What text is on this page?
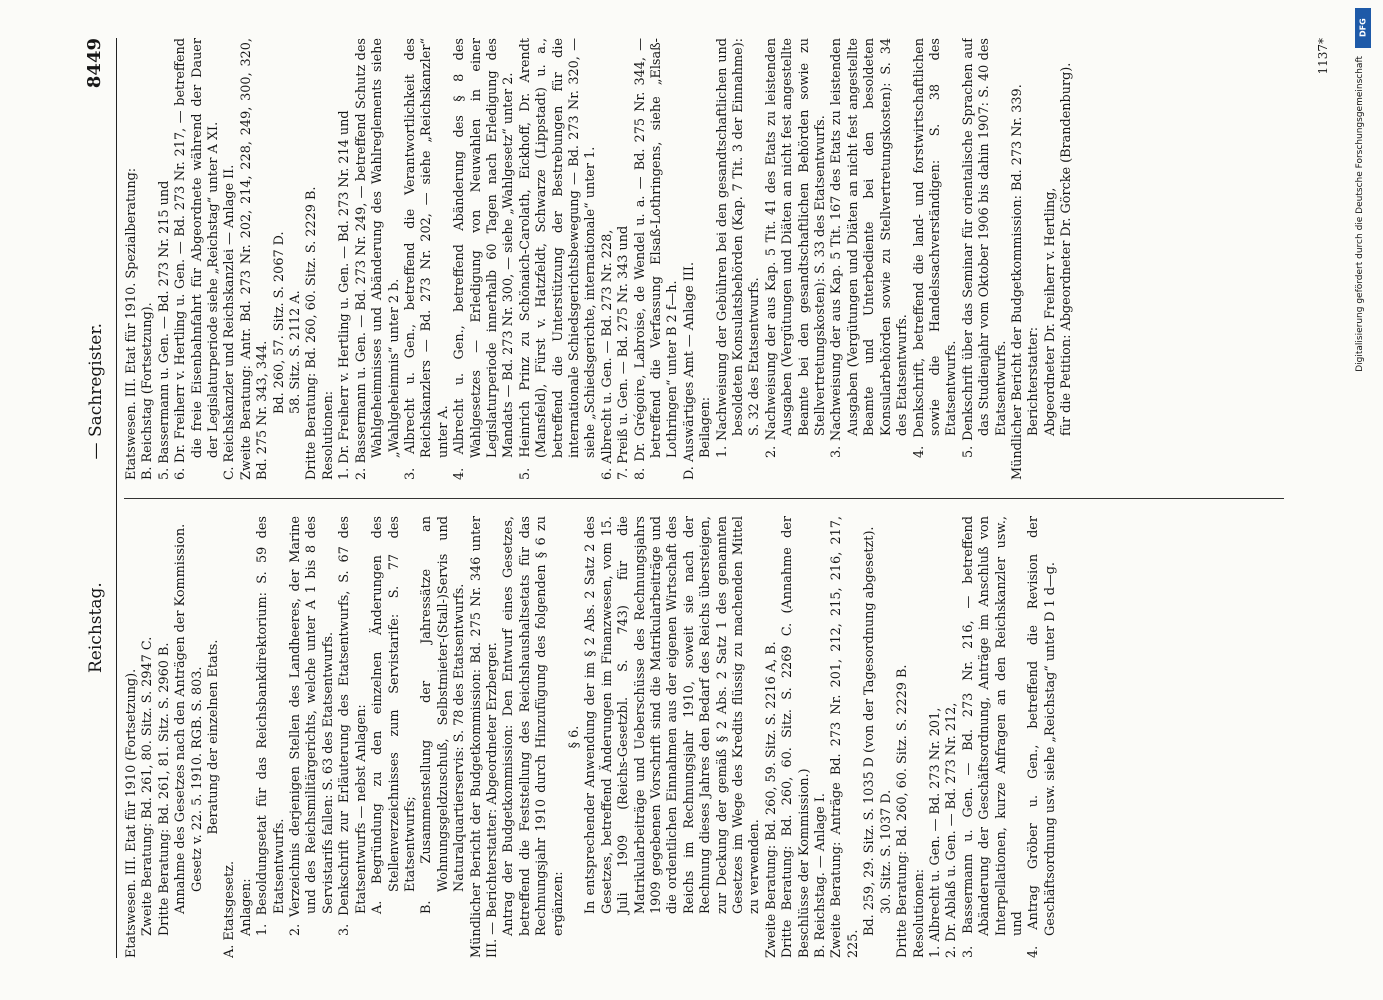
Reichstag.
— Sachregister.
8449

Etatswesen. III. Etat für 1910 (Fortsetzung). Zweite Beratung: Bd. 261, 80. Sitz. S. 2947 C. Dritte Beratung: Bd. 261, 81. Sitz. S. 2960 B. Annahme des Gesetzes nach den Anträgen der Kommission. Gesetz v. 22. 5. 1910. RGB. S. 803. Beratung der einzelnen Etats.

A. Etatsgesetz. Anlagen: 1. Besoldungsetat für das Reichsbankdirektorium: S. 59 des Etatsentwurfs. 2. Verzeichnis derjenigen Stellen des Landheeres, der Marine und des Reichsmilitärgerichts, welche unter A 1 bis 8 des Servistarifs fallen: S. 63 des Etatsentwurfs. 3. Denkschrift zur Erläuterung des Etatsentwurfs, S. 67 des Etatsentwurfs — nebst Anlagen: A. Begründung zu den einzelnen Änderungen des Stellenverzeichnisses zum Servistarife: S. 77 des Etatsentwurfs; B. Zusammenstellung der Jahressätze an Wohnungsgeldzuschuß, Selbstmieter-(Stall-)Servis und Naturalquartierservis: S. 78 des Etatsentwurfs. Mündlicher Bericht der Budgetkommission: Bd. 275 Nr. 346 unter III. — Berichterstatter: Abgeordneter Erzberger. Antrag der Budgetkommission: Den Entwurf eines Gesetzes, betreffend die Feststellung des Reichshaushaltsetats für das Rechnungsjahr 1910 durch Hinzufügung des folgenden § 6 zu ergänzen:

§ 6. In entsprechender Anwendung der im § 2 Abs. 2 Satz 2 des Gesetzes, betreffend Änderungen im Finanzwesen, vom 15. Juli 1909 (Reichs-Gesetzbl. S. 743) für die Matrikularbeiträge und Ueberschüsse des Rechnungsjahrs 1909 gegebenen Vorschrift sind die Matrikularbeiträge und die ordentlichen Einnahmen aus der eigenen Wirtschaft des Reichs im Rechnungsjahr 1910, soweit sie nach der Rechnung dieses Jahres den Bedarf des Reichs übersteigen, zur Deckung der gemäß § 2 Abs. 2 Satz 1 des genannten Gesetzes im Wege des Kredits flüssig zu machenden Mittel zu verwenden. Zweite Beratung: Bd. 260, 59. Sitz. S. 2216 A, B. Dritte Beratung: Bd. 260, 60. Sitz. S. 2269 C. (Annahme der Beschlüsse der Kommission.) B. Reichstag. — Anlage I. Zweite Beratung: Anträge Bd. 273 Nr. 201, 212, 215, 216, 217, 225.

Bd. 259, 29. Sitz. S. 1035 D (von der Tagesordnung abgesetzt). 30. Sitz. S. 1037 D. Dritte Beratung: Bd. 260, 60. Sitz. S. 2229 B. Resolutionen: 1. Albrecht u. Gen. — Bd. 273 Nr. 201, 2. Dr. Ablaß u. Gen. — Bd. 273 Nr. 212, 3. Bassermann u. Gen. — Bd. 273 Nr. 216, — betreffend Abänderung der Geschäftsordnung, Anträge im Anschluß von Interpellationen, kurze Anfragen an den Reichskanzler usw., und 4. Antrag Gröber u. Gen., betreffend die Revision der Geschäftsordnung usw. siehe „Reichstag“ unter D 1 d—g.

Etatswesen. III. Etat für 1910. Spezialberatung: B. Reichstag (Fortsetzung). 5. Bassermann u. Gen. — Bd. 273 Nr. 215 und 6. Dr. Freiherr v. Hertling u. Gen. — Bd. 273 Nr. 217, — betreffend die freie Eisenbahnfahrt für Abgeordnete während der Dauer der Legislaturperiode siehe „Reichstag“ unter A XI. C. Reichskanzler und Reichskanzlei — Anlage II. Zweite Beratung: Antr. Bd. 273 Nr. 202, 214, 228, 249, 300, 320, Bd. 275 Nr. 343, 344. Bd. 260, 57. Sitz. S. 2067 D. 58. Sitz. S. 2112 A. Dritte Beratung: Bd. 260, 60. Sitz. S. 2229 B. Resolutionen: 1. Dr. Freiherr v. Hertling u. Gen. — Bd. 273 Nr. 214 und 2. Bassermann u. Gen. — Bd. 273 Nr. 249, — betreffend Schutz des Wahlgeheimnisses und Abänderung des Wahlreglements siehe „Wahlgeheimnis“ unter 2 b. 3. Albrecht u. Gen., betreffend die Verantwortlichkeit des Reichskanzlers — Bd. 273 Nr. 202, — siehe „Reichskanzler“ unter A. 4. Albrecht u. Gen., betreffend Abänderung des § 8 des Wahlgesetzes — Erledigung von Neuwahlen in einer Legislaturperiode innerhalb 60 Tagen nach Erledigung des Mandats — Bd. 273 Nr. 300, — siehe „Wahlgesetz“ unter 2. 5. Heinrich Prinz zu Schönaich-Carolath, Eickhoff, Dr. Arendt (Mansfeld), Fürst v. Hatzfeldt, Schwarze (Lippstadt) u. a., betreffend die Unterstützung der Bestrebungen für die internationale Schiedsgerichtsbewegung — Bd. 273 Nr. 320, — siehe „Schiedsgerichte, internationale“ unter 1. 6. Albrecht u. Gen. — Bd. 273 Nr. 228, 7. Preiß u. Gen. — Bd. 275 Nr. 343 und 8. Dr. Grégoire, Labroise, de Wendel u. a. — Bd. 275 Nr. 344, — betreffend die Verfassung Elsaß-Lothringens, siehe „Elsaß-Lothringen“ unter B 2 f—h. D. Auswärtiges Amt — Anlage III. Beilagen: 1. Nachweisung der Gebühren bei den gesandtschaftlichen und besoldeten Konsulatsbehörden (Kap. 7 Tit. 3 der Einnahme): S. 32 des Etatsentwurfs. 2. Nachweisung der aus Kap. 5 Tit. 41 des Etats zu leistenden Ausgaben (Vergütungen und Diäten an nicht fest angestellte Beamte bei den gesandtschaftlichen Behörden sowie zu Stellvertretungskosten): S. 33 des Etatsentwurfs. 3. Nachweisung der aus Kap. 5 Tit. 167 des Etats zu leistenden Ausgaben (Vergütungen und Diäten an nicht fest angestellte Beamte und Unterbediente bei den besoldeten Konsularbehörden sowie zu Stellvertretungskosten): S. 34 des Etatsentwurfs. 4. Denkschrift, betreffend die land- und forstwirtschaftlichen sowie die Handelssachverständigen: S. 38 des Etatsentwurfs. 5. Denkschrift über das Seminar für orientalische Sprachen auf das Studienjahr vom Oktober 1906 bis dahin 1907: S. 40 des Etatsentwurfs. Mündlicher Bericht der Budgetkommission: Bd. 273 Nr. 339. Berichterstatter: Abgeordneter Dr. Freiherr v. Hertling, für die Petition: Abgeordneter Dr. Görcke (Brandenburg).

1137*
DFG
Digitalisierung gefördert durch die Deutsche Forschungsgemeinschaft
